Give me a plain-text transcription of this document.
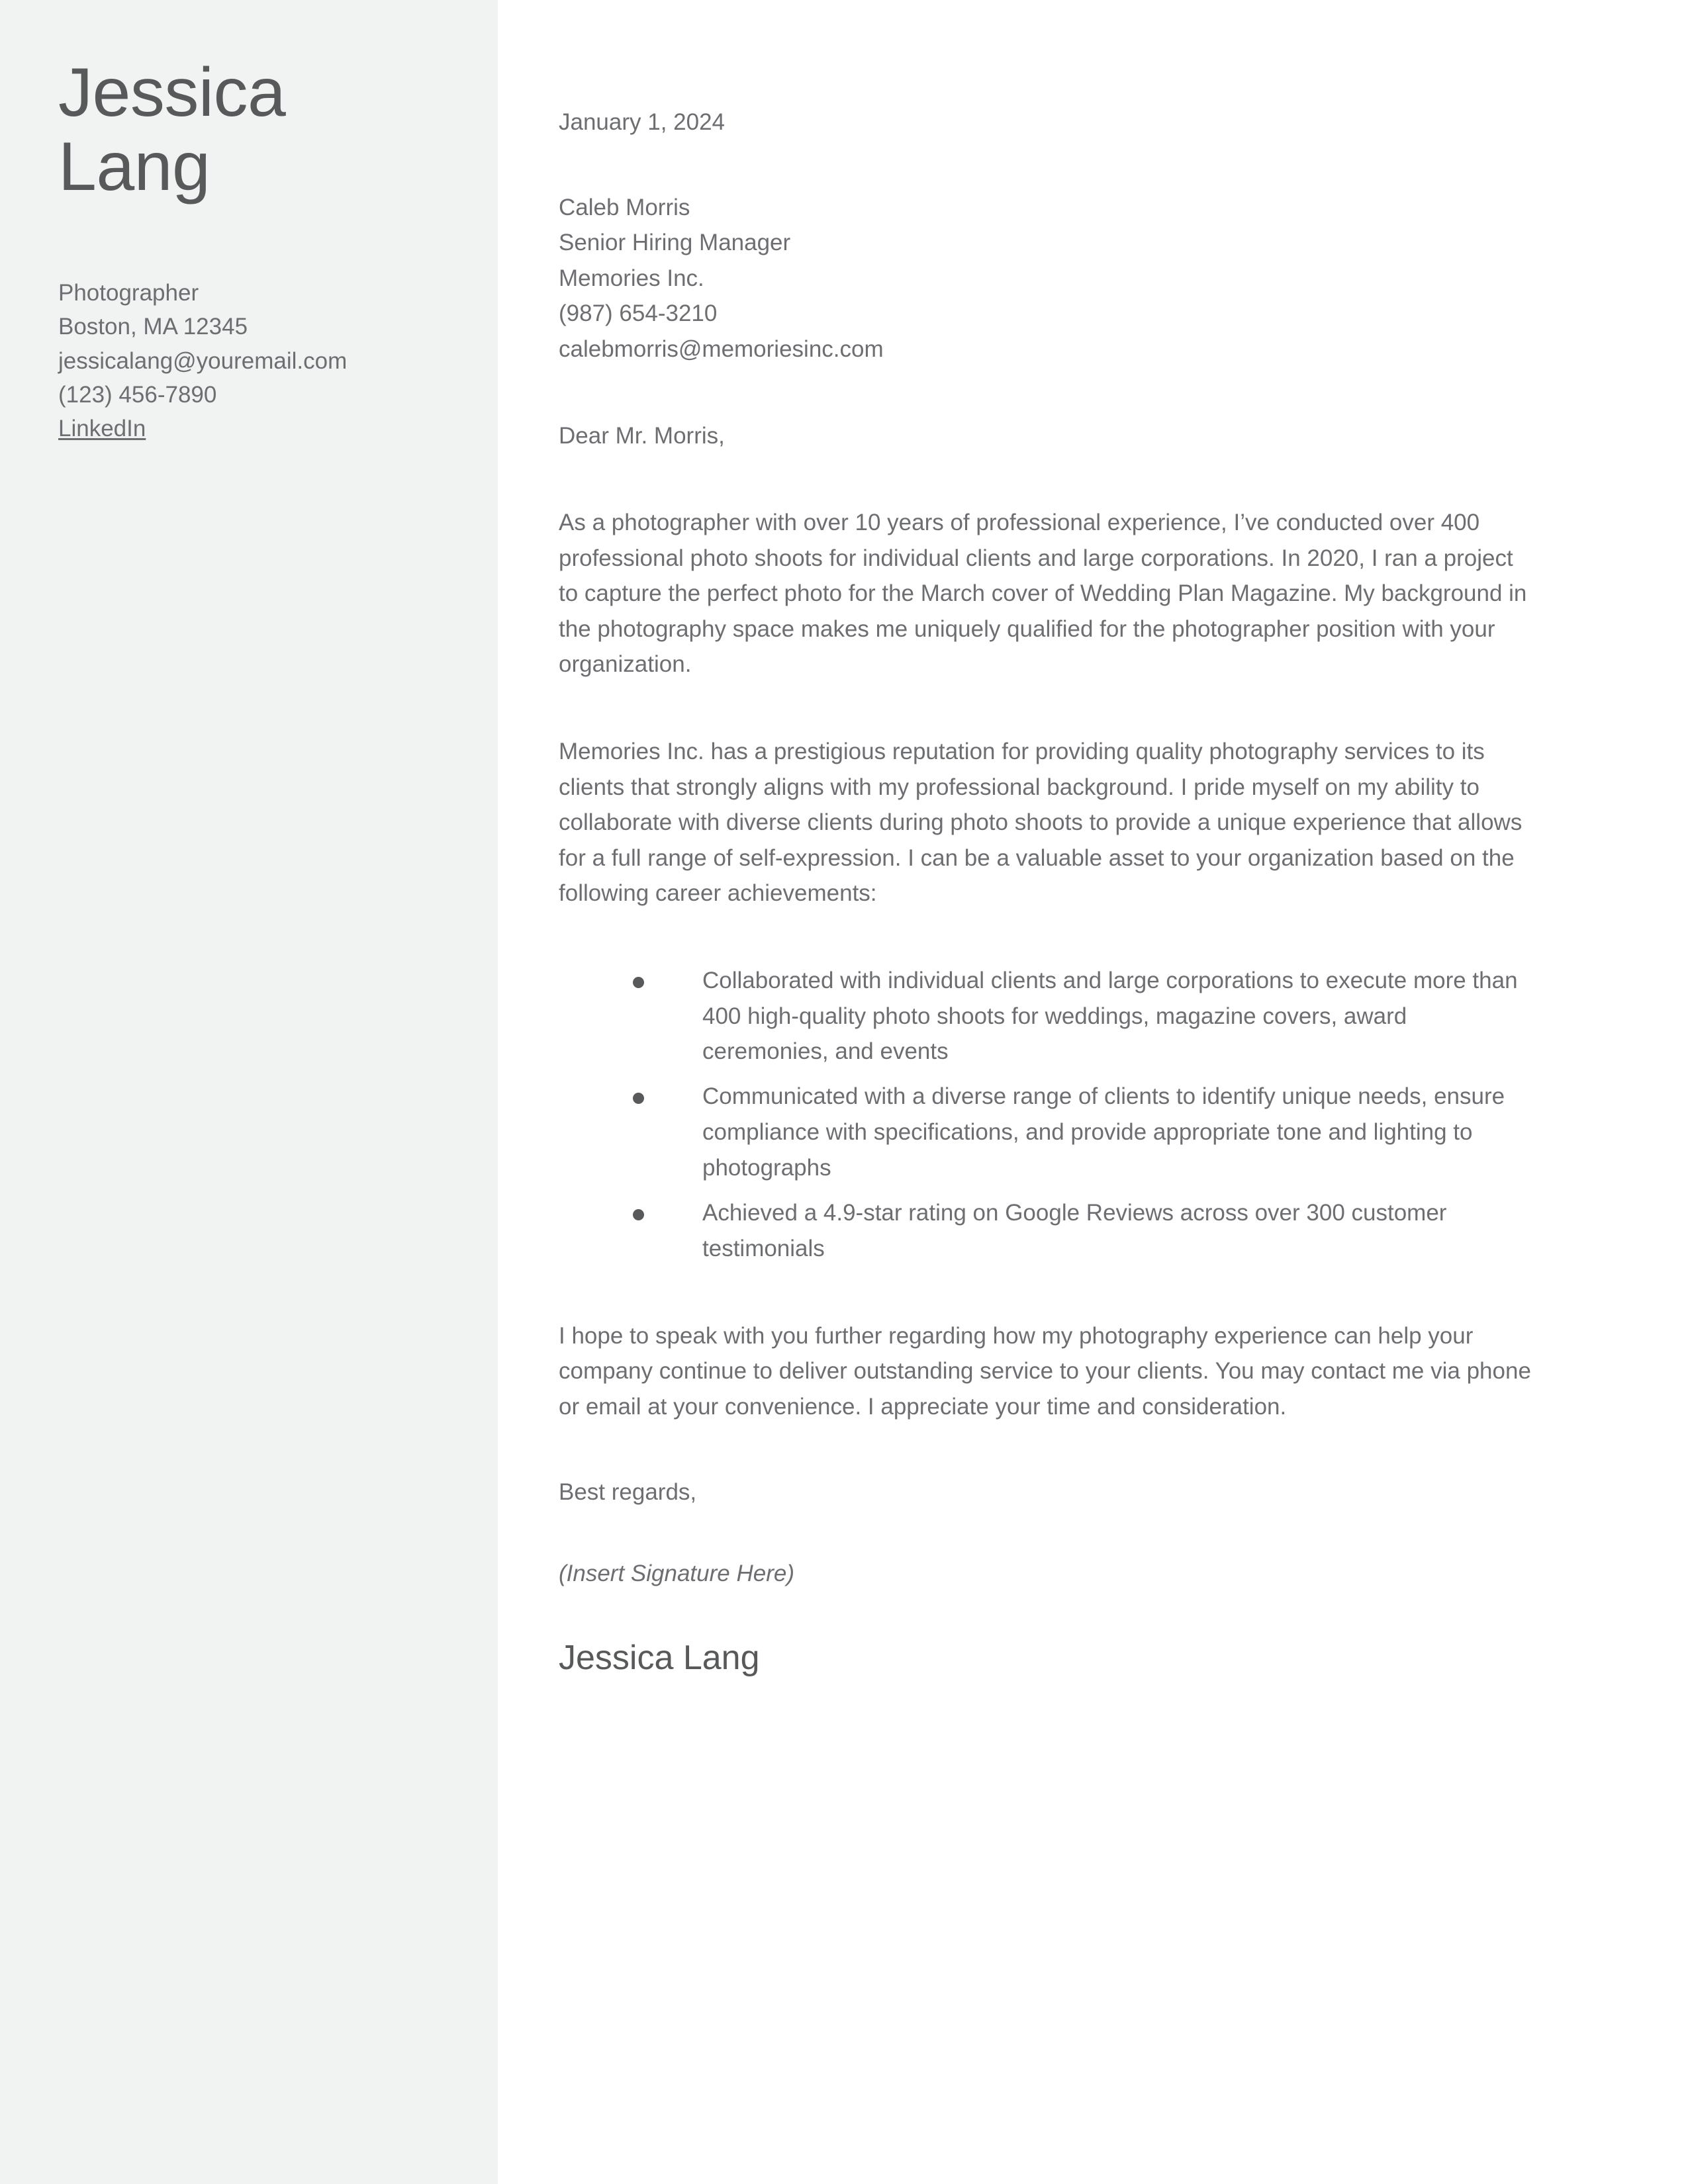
Jessica
Lang
Photographer
Boston, MA 12345
jessicalang@youremail.com
(123) 456-7890
LinkedIn

January 1, 2024

Caleb Morris
Senior Hiring Manager
Memories Inc.
(987) 654-3210
calebmorris@memoriesinc.com

Dear Mr. Morris,

As a photographer with over 10 years of professional experience, I’ve conducted over 400 professional photo shoots for individual clients and large corporations. In 2020, I ran a project to capture the perfect photo for the March cover of Wedding Plan Magazine. My background in the photography space makes me uniquely qualified for the photographer position with your organization.

Memories Inc. has a prestigious reputation for providing quality photography services to its clients that strongly aligns with my professional background. I pride myself on my ability to collaborate with diverse clients during photo shoots to provide a unique experience that allows for a full range of self-expression. I can be a valuable asset to your organization based on the following career achievements:

Collaborated with individual clients and large corporations to execute more than 400 high-quality photo shoots for weddings, magazine covers, award ceremonies, and events
Communicated with a diverse range of clients to identify unique needs, ensure compliance with specifications, and provide appropriate tone and lighting to photographs
Achieved a 4.9-star rating on Google Reviews across over 300 customer testimonials

I hope to speak with you further regarding how my photography experience can help your company continue to deliver outstanding service to your clients. You may contact me via phone or email at your convenience. I appreciate your time and consideration.

Best regards,

(Insert Signature Here)

Jessica Lang
